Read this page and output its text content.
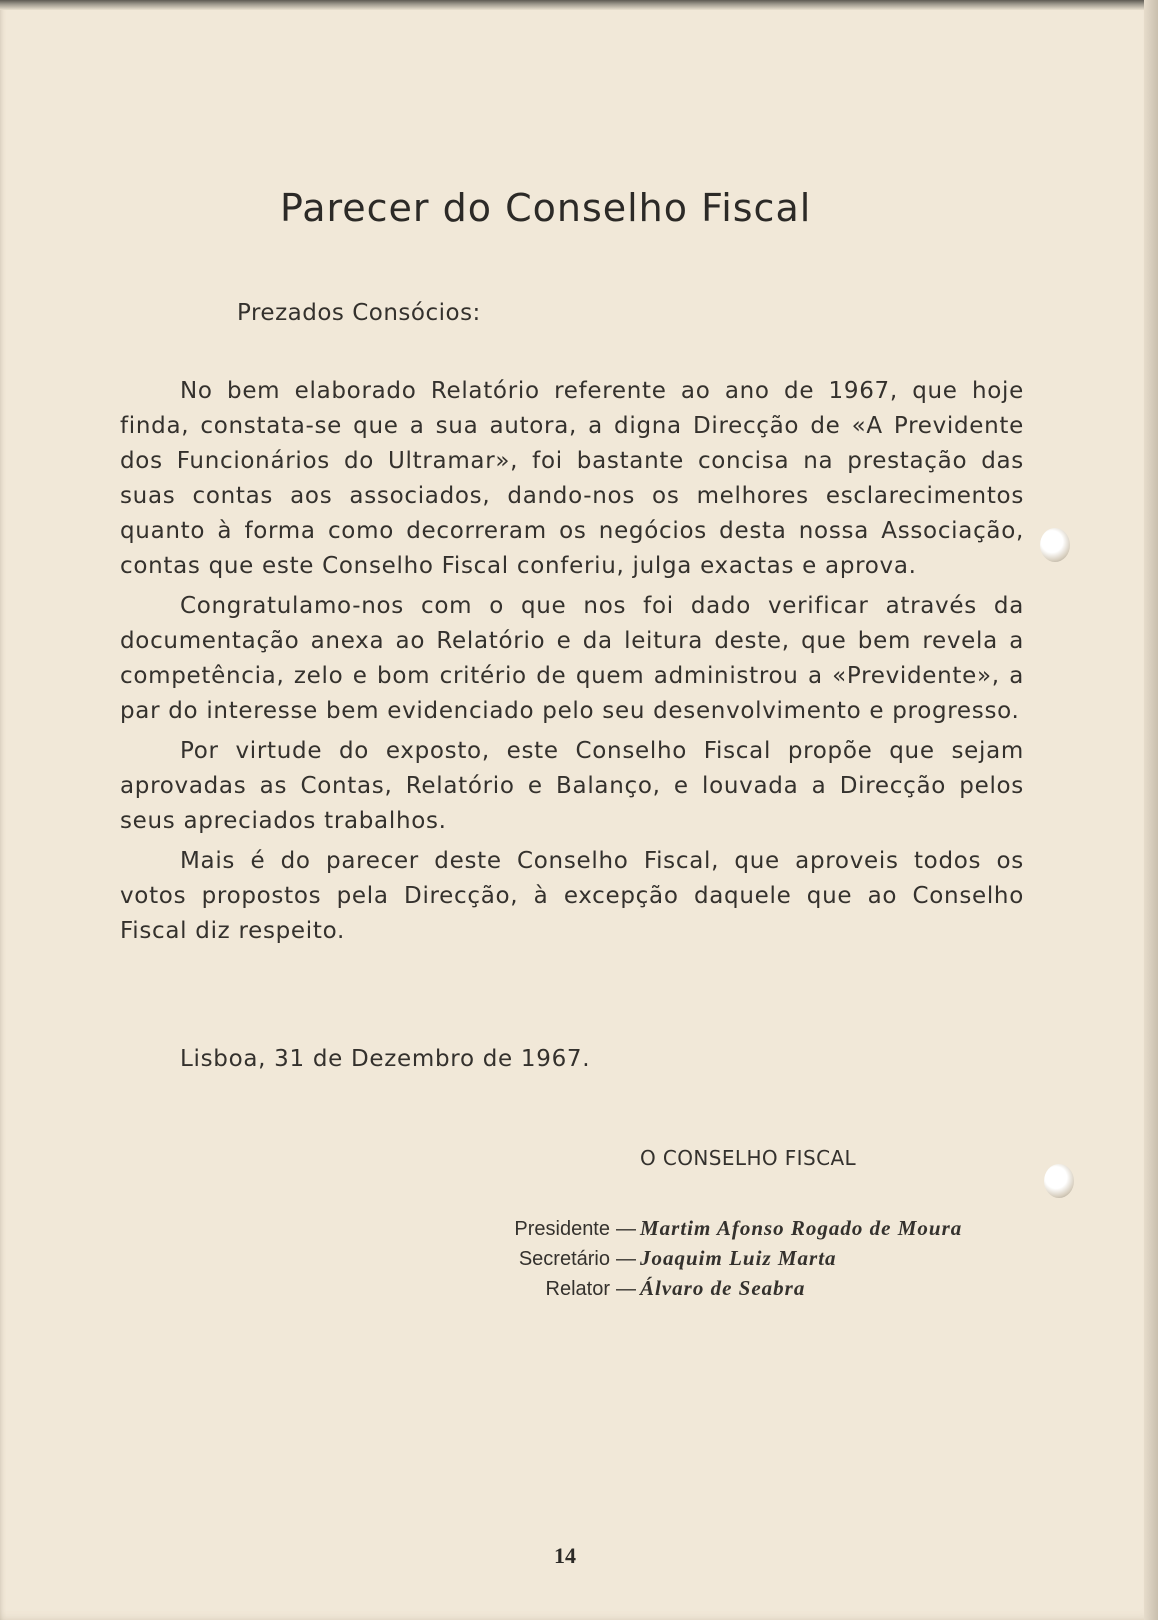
Parecer do Conselho Fiscal
Prezados Consócios:

No bem elaborado Relatório referente ao ano de 1967, que hoje finda, constata-se que a sua autora, a digna Direcção de «A Previdente dos Funcionários do Ultramar», foi bastante concisa na prestação das suas contas aos associados, dando-nos os melhores esclarecimentos quanto à forma como decorreram os negócios desta nossa Associação, contas que este Conselho Fiscal conferiu, julga exactas e aprova.

Congratulamo-nos com o que nos foi dado verificar através da documentação anexa ao Relatório e da leitura deste, que bem revela a competência, zelo e bom critério de quem administrou a «Previdente», a par do interesse bem evidenciado pelo seu desenvolvimento e progresso.

Por virtude do exposto, este Conselho Fiscal propõe que sejam aprovadas as Contas, Relatório e Balanço, e louvada a Direcção pelos seus apreciados trabalhos.

Mais é do parecer deste Conselho Fiscal, que aproveis todos os votos propostos pela Direcção, à excepção daquele que ao Conselho Fiscal diz respeito.

Lisboa, 31 de Dezembro de 1967.
O CONSELHO FISCAL
Presidente — Martim Afonso Rogado de Moura
Secretário — Joaquim Luiz Marta
Relator — Álvaro de Seabra
14
